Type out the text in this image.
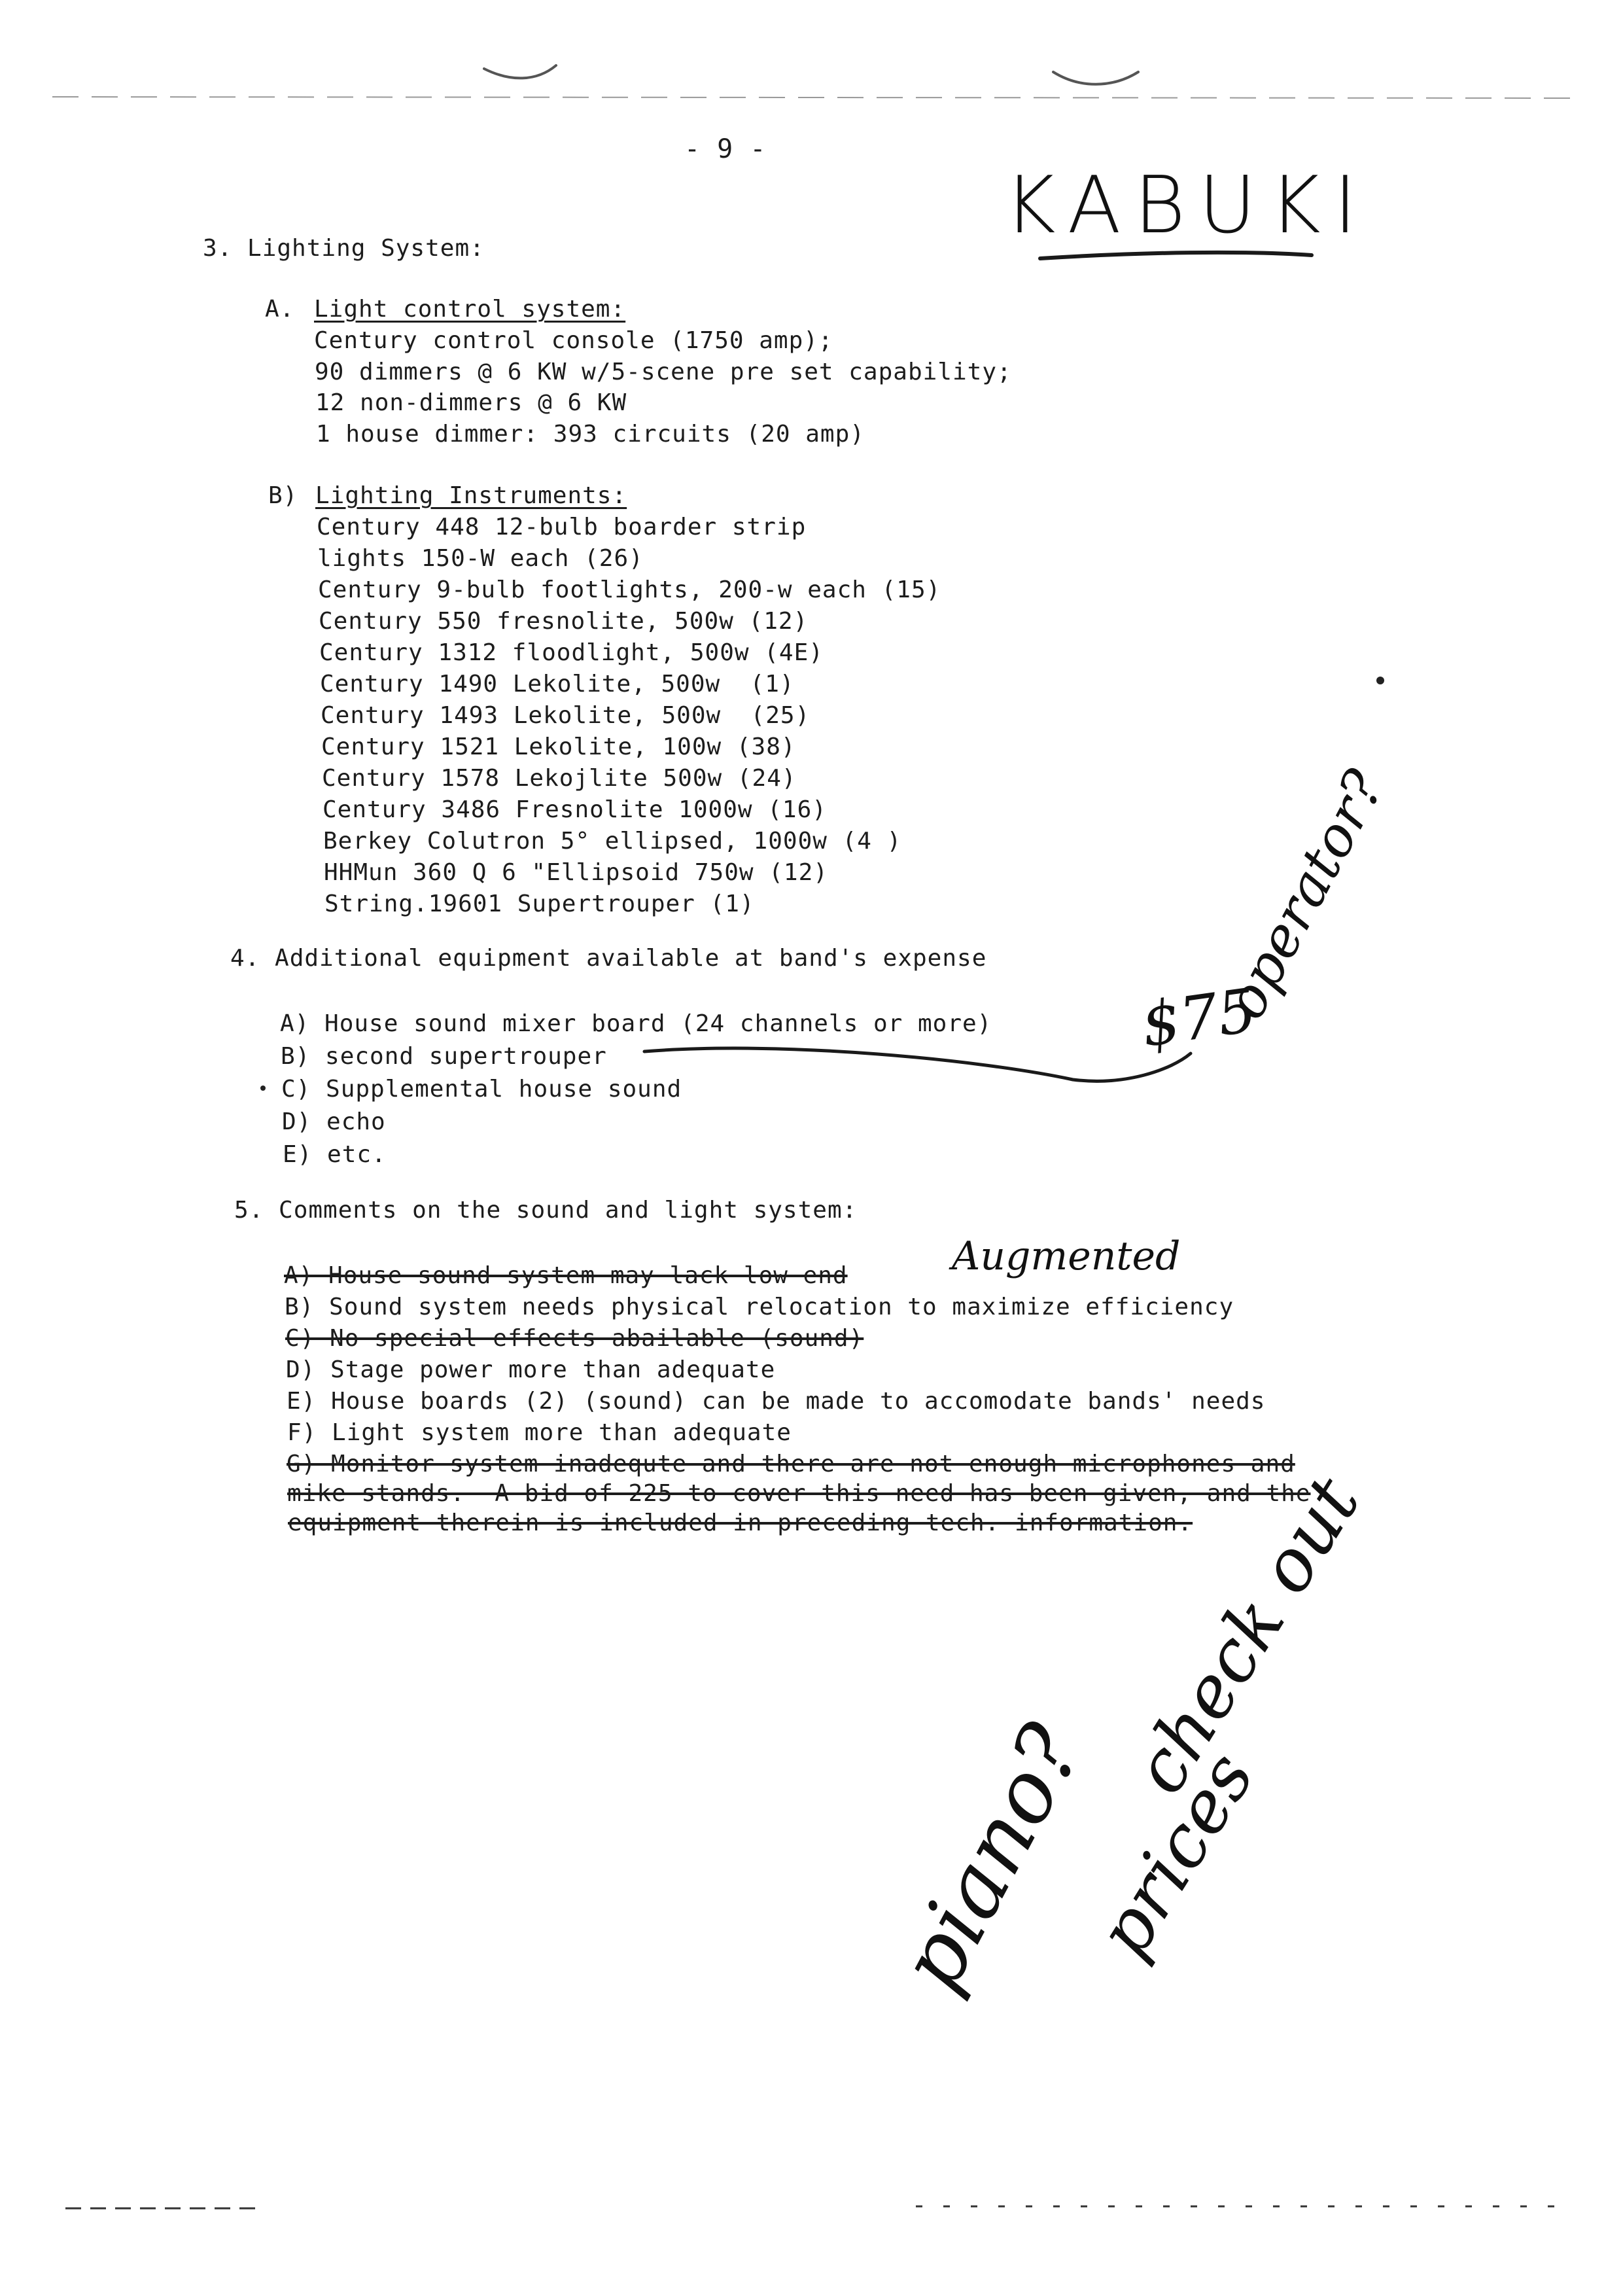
- 9 -
KABUKI
3. Lighting System:
A. Light control system:
Century control console (1750 amp);
90 dimmers @ 6 KW w/5-scene pre set capability;
12 non-dimmers @ 6 KW
1 house dimmer: 393 circuits (20 amp)
B) Lighting Instruments:
Century 448 12-bulb boarder strip
lights 150-W each (26)
Century 9-bulb footlights, 200-w each (15)
Century 550 fresnolite, 500w (12)
Century 1312 floodlight, 500w (4E)
Century 1490 Lekolite, 500w  (1)
Century 1493 Lekolite, 500w  (25)
Century 1521 Lekolite, 100w (38)
Century 1578 Lekojlite 500w (24)
Century 3486 Fresnolite 1000w (16)
Berkey Colutron 5° ellipsed, 1000w (4 )
HHMun 360 Q 6 "Ellipsoid 750w (12)
String.19601 Supertrouper (1)
4. Additional equipment available at band's expense
A) House sound mixer board (24 channels or more)
B) second supertrouper
C) Supplemental house sound
D) echo
E) etc.
5. Comments on the sound and light system:
A) House sound system may lack low end
B) Sound system needs physical relocation to maximize efficiency
C) No special effects abailable (sound)
D) Stage power more than adequate
E) House boards (2) (sound) can be made to accomodate bands' needs
F) Light system more than adequate
G) Monitor system inadequte and there are not enough microphones and
mike stands.  A bid of 225 to cover this need has been given, and the
equipment therein is included in preceding tech. information.
$75
operator?
Augmented
piano?
check out
prices
